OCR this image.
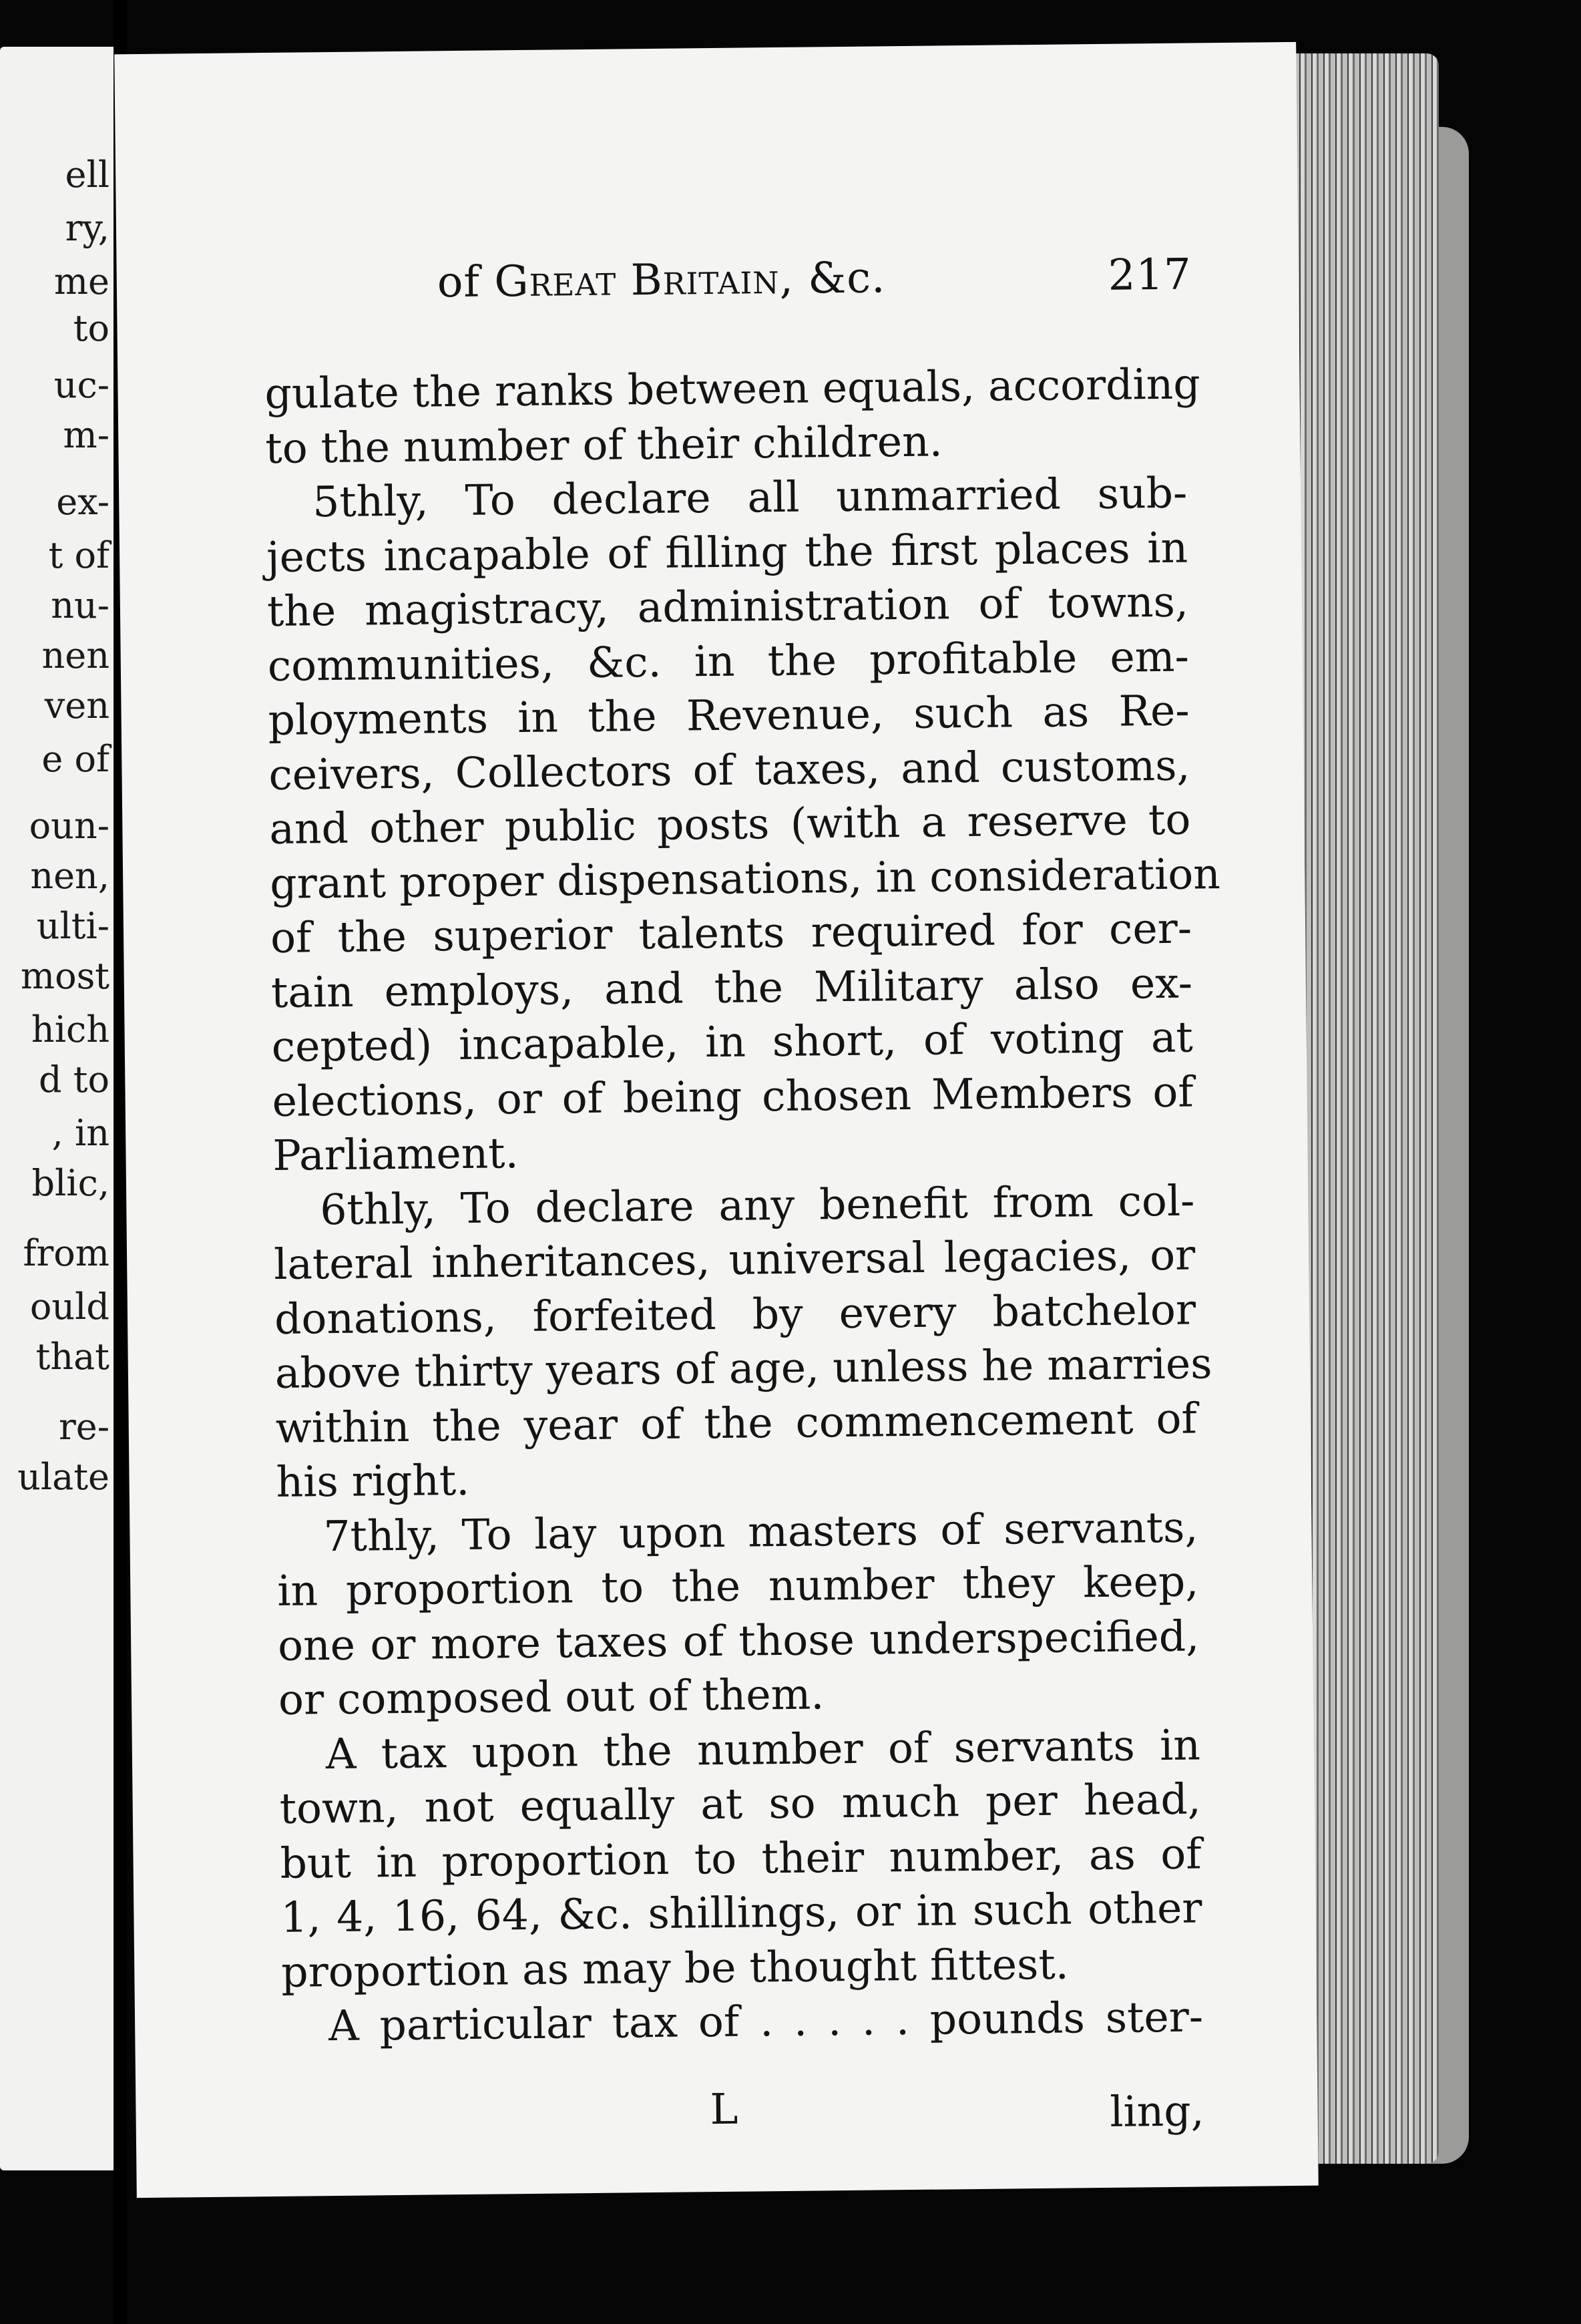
ell
ry,
me
to
uc-
m-
ex-
t of
nu-
nen
ven
e of
oun-
nen,
ulti-
most
hich
d to
, in
blic,
from
ould
that
re-
ulate
of Great Britain, &c.	217
gulate the ranks between equals, according
to the number of their children.
5thly, To declare all unmarried sub-
jects incapable of filling the first places in
the magistracy, administration of towns,
communities, &c. in the profitable em-
ployments in the Revenue, such as Re-
ceivers, Collectors of taxes, and customs,
and other public posts (with a reserve to
grant proper dispensations, in consideration
of the superior talents required for cer-
tain employs, and the Military also ex-
cepted) incapable, in short, of voting at
elections, or of being chosen Members of
Parliament.
6thly, To declare any benefit from col-
lateral inheritances, universal legacies, or
donations, forfeited by every batchelor
above thirty years of age, unless he marries
within the year of the commencement of
his right.
7thly, To lay upon masters of servants,
in proportion to the number they keep,
one or more taxes of those underspecified,
or composed out of them.
A tax upon the number of servants in
town, not equally at so much per head,
but in proportion to their number, as of
1, 4, 16, 64, &c. shillings, or in such other
proportion as may be thought fittest.
A particular tax of . . . . . pounds ster-
L	ling,
